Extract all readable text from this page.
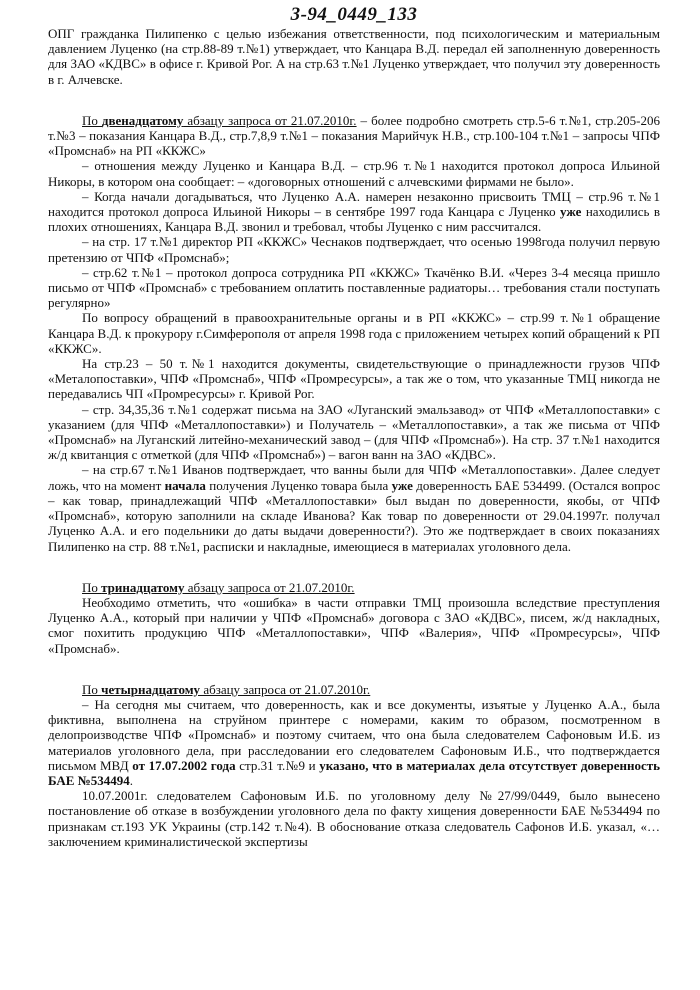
3-94_0449_133

ОПГ гражданка Пилипенко с целью избежания ответственности, под психологическим и материальным давлением Луценко (на стр.88-89 т.№1) утверждает, что Канцара В.Д. передал ей заполненную доверенность для ЗАО «КДВС» в офисе г. Кривой Рог. А на стр.63 т.№1 Луценко утверждает, что получил эту доверенность в г. Алчевске.

По двенадцатому абзацу запроса от 21.07.2010г. – более подробно смотреть стр.5-6 т.№1, стр.205-206 т.№3 – показания Канцара В.Д., стр.7,8,9 т.№1 – показания Марийчук Н.В., стр.100-104 т.№1 – запросы ЧПФ «Промснаб» на РП «ККЖС»

– отношения между Луценко и Канцара В.Д. – стр.96 т.№1 находится протокол допроса Ильиной Никоры, в котором она сообщает: – «договорных отношений с алчевскими фирмами не было».

– Когда начали догадываться, что Луценко А.А. намерен незаконно присвоить ТМЦ – стр.96 т.№1 находится протокол допроса Ильиной Никоры – в сентябре 1997 года Канцара с Луценко уже находились в плохих отношениях, Канцара В.Д. звонил и требовал, чтобы Луценко с ним рассчитался.

– на стр. 17 т.№1 директор РП «ККЖС» Чеснаков подтверждает, что осенью 1998года получил первую претензию от ЧПФ «Промснаб»;

– стр.62 т.№1 – протокол допроса сотрудника РП «ККЖС» Ткачёнко В.И. «Через 3-4 месяца пришло письмо от ЧПФ «Промснаб» с требованием оплатить поставленные радиаторы… требования стали поступать регулярно»

По вопросу обращений в правоохранительные органы и в РП «ККЖС» – стр.99 т.№1 обращение Канцара В.Д. к прокурору г.Симферополя от апреля 1998 года с приложением четырех копий обращений к РП «ККЖС».

На стр.23 – 50 т.№1 находится документы, свидетельствующие о принадлежности грузов ЧПФ «Металопоставки», ЧПФ «Промснаб», ЧПФ «Промресурсы», а так же о том, что указанные ТМЦ никогда не передавались ЧП «Промресурсы» г. Кривой Рог.

– стр. 34,35,36 т.№1 содержат письма на ЗАО «Луганский эмальзавод» от ЧПФ «Металлопоставки» с указанием (для ЧПФ «Металлопоставки») и Получатель – «Металлопоставки», а так же письма от ЧПФ «Промснаб» на Луганский литейно-механический завод – (для ЧПФ «Промснаб»). На стр. 37 т.№1 находится ж/д квитанция с отметкой (для ЧПФ «Промснаб») – вагон ванн на ЗАО «КДВС».

– на стр.67 т.№1 Иванов подтверждает, что ванны были для ЧПФ «Металлопоставки». Далее следует ложь, что на момент начала получения Луценко товара была уже доверенность БАЕ 534499. (Остался вопрос – как товар, принадлежащий ЧПФ «Металлопоставки» был выдан по доверенности, якобы, от ЧПФ «Промснаб», которую заполнили на складе Иванова? Как товар по доверенности от 29.04.1997г. получал Луценко А.А. и его подельники до даты выдачи доверенности?). Это же подтверждает в своих показаниях Пилипенко на стр. 88 т.№1, расписки и накладные, имеющиеся в материалах уголовного дела.

По тринадцатому абзацу запроса от 21.07.2010г.

Необходимо отметить, что «ошибка» в части отправки ТМЦ произошла вследствие преступления Луценко А.А., который при наличии у ЧПФ «Промснаб» договора с ЗАО «КДВС», писем, ж/д накладных, смог похитить продукцию ЧПФ «Металлопоставки», ЧПФ «Валерия», ЧПФ «Промресурсы», ЧПФ «Промснаб».

По четырнадцатому абзацу запроса от 21.07.2010г.

– На сегодня мы считаем, что доверенность, как и все документы, изъятые у Луценко А.А., была фиктивна, выполнена на струйном принтере с номерами, каким то образом, посмотренном в делопроизводстве ЧПФ «Промснаб» и поэтому считаем, что она была следователем Сафоновым И.Б. из материалов уголовного дела, при расследовании его следователем Сафоновым И.Б., что подтверждается письмом МВД от 17.07.2002 года стр.31 т.№9 и указано, что в материалах дела отсутствует доверенность БАЕ №534494.

10.07.2001г. следователем Сафоновым И.Б. по уголовному делу №27/99/0449, было вынесено постановление об отказе в возбуждении уголовного дела по факту хищения доверенности БАЕ №534494 по признакам ст.193 УК Украины (стр.142 т.№4). В обоснование отказа следователь Сафонов И.Б. указал, «… заключением криминалистической экспертизы
